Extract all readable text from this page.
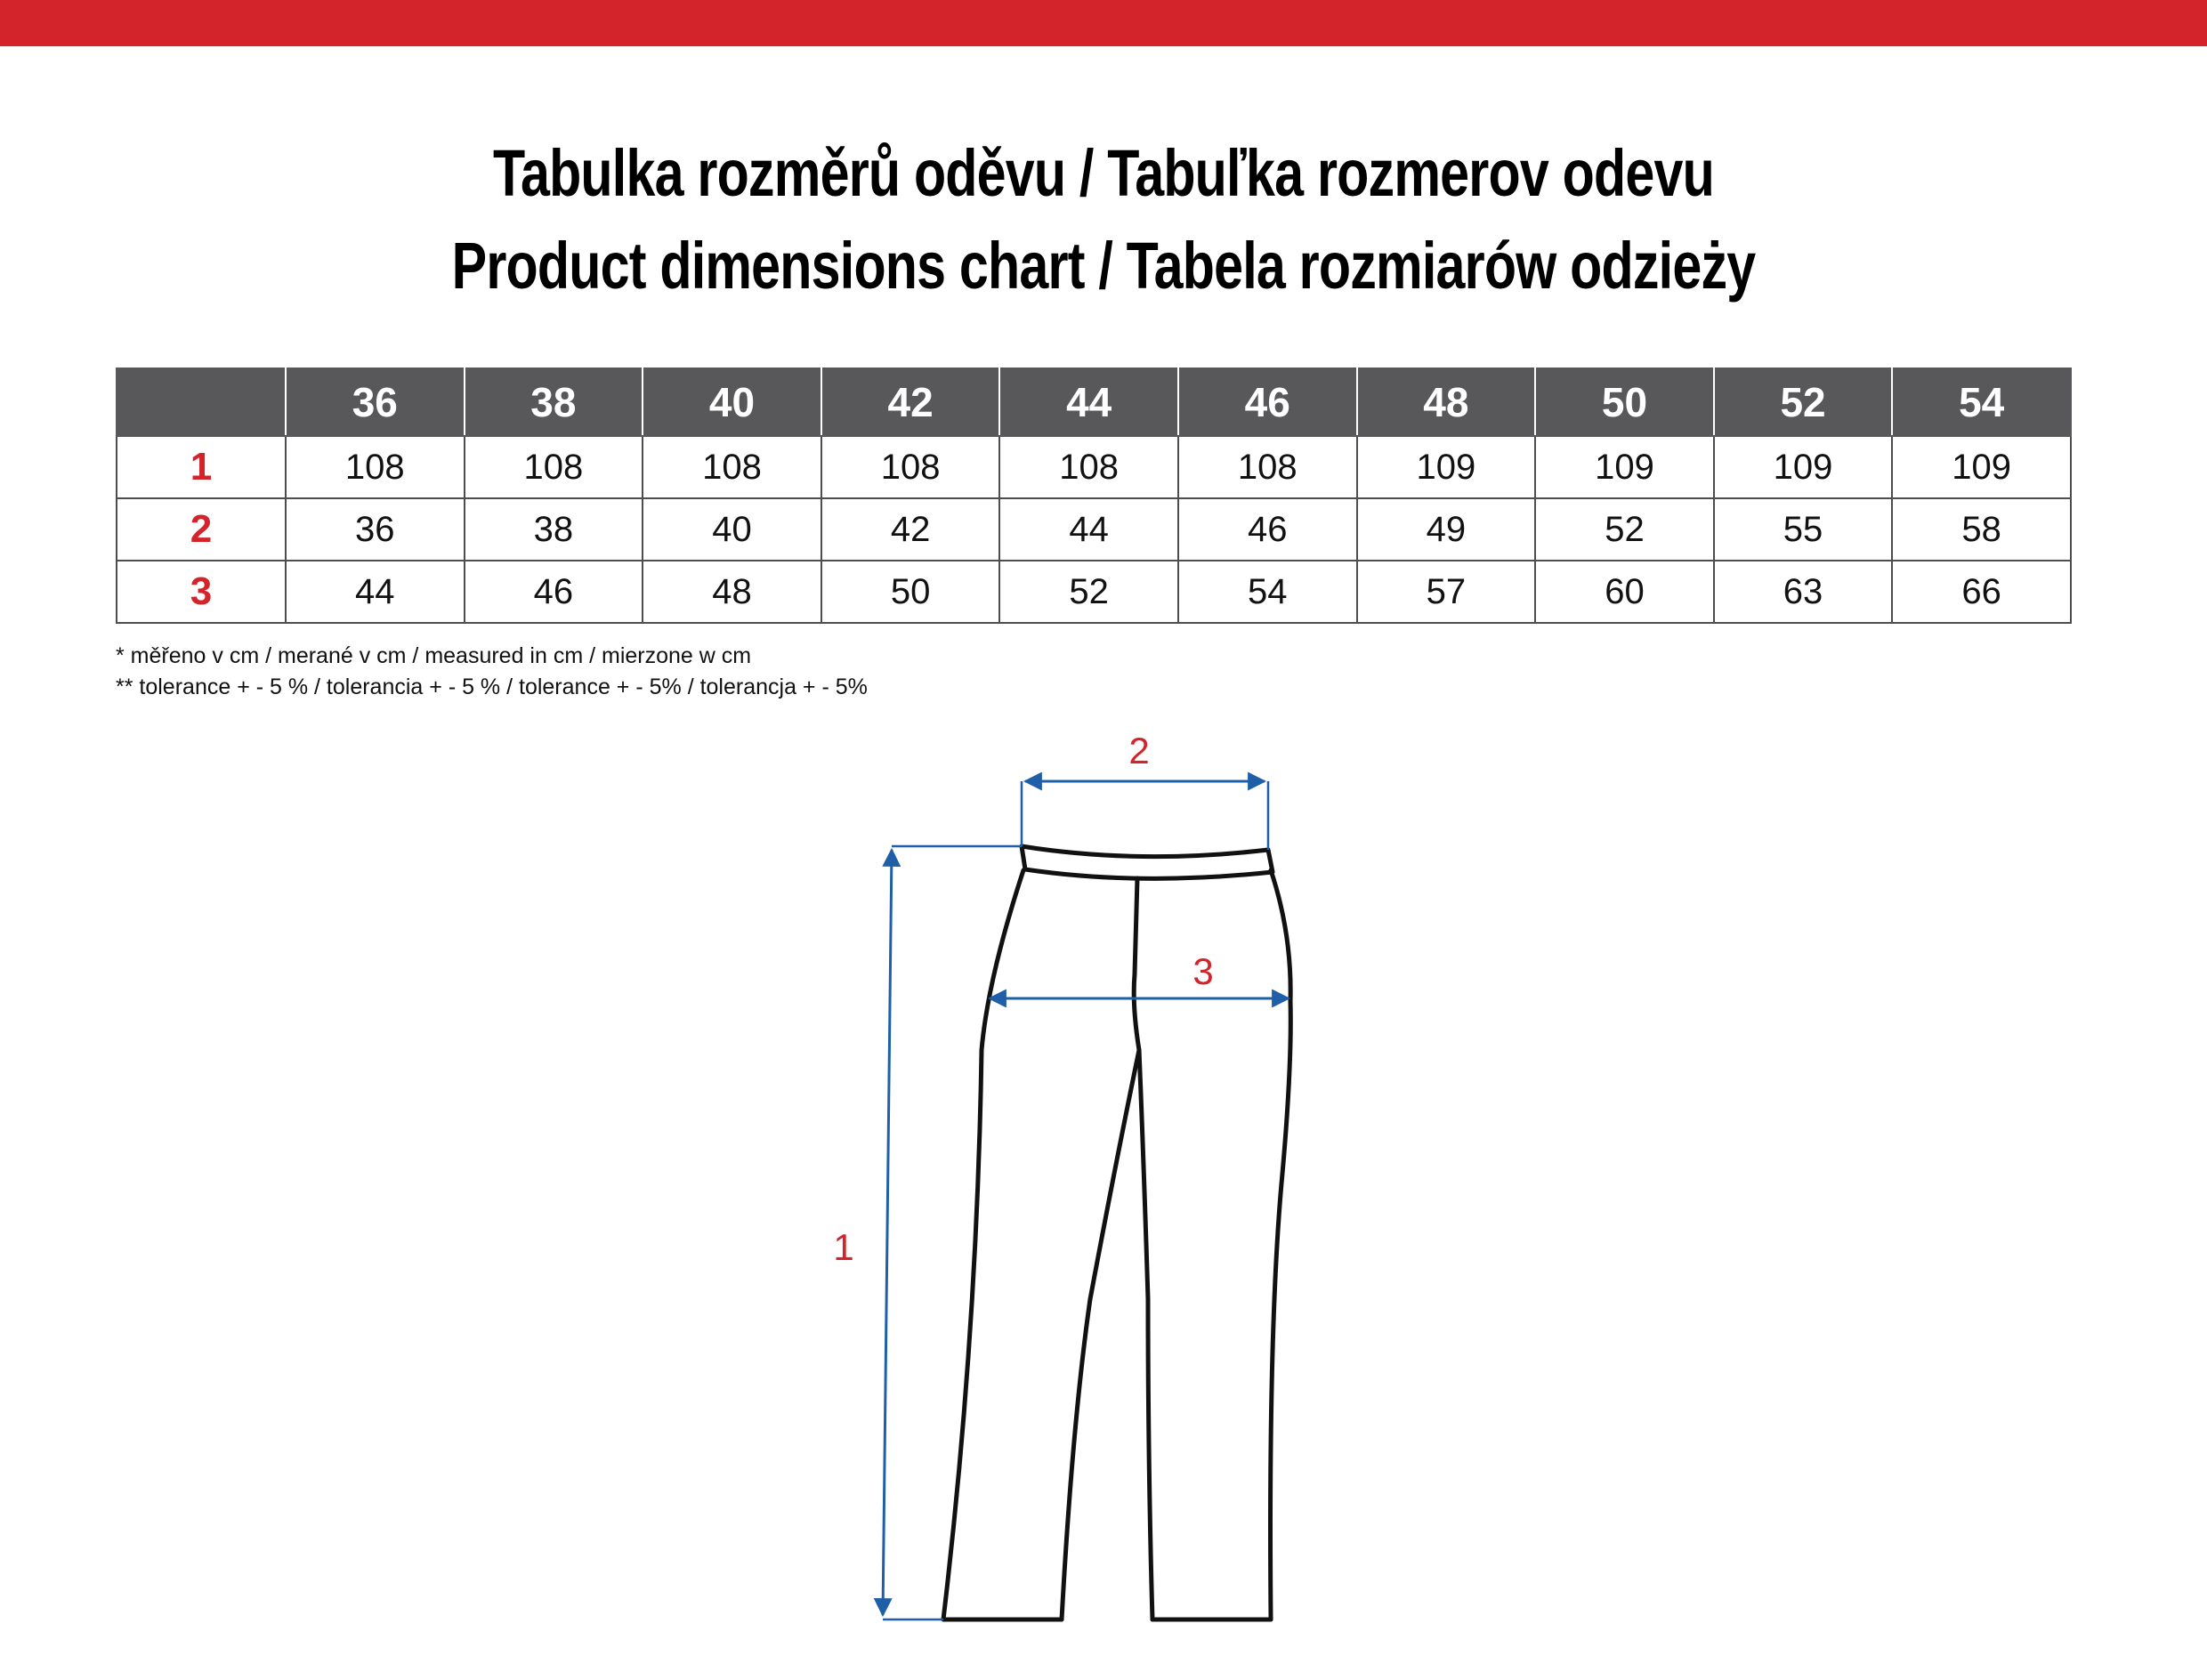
Tabulka rozměrů oděvu / Tabuľka rozmerov odevu
Product dimensions chart / Tabela rozmiarów odzieży
	36	38	40	42	44	46	48	50	52	54
1	108	108	108	108	108	108	109	109	109	109
2	36	38	40	42	44	46	49	52	55	58
3	44	46	48	50	52	54	57	60	63	66
* měřeno v cm / merané v cm / measured in cm / mierzone w cm
** tolerance + - 5 % / tolerancia + - 5 % / tolerance + - 5% / tolerancja + - 5%
1
2
3
